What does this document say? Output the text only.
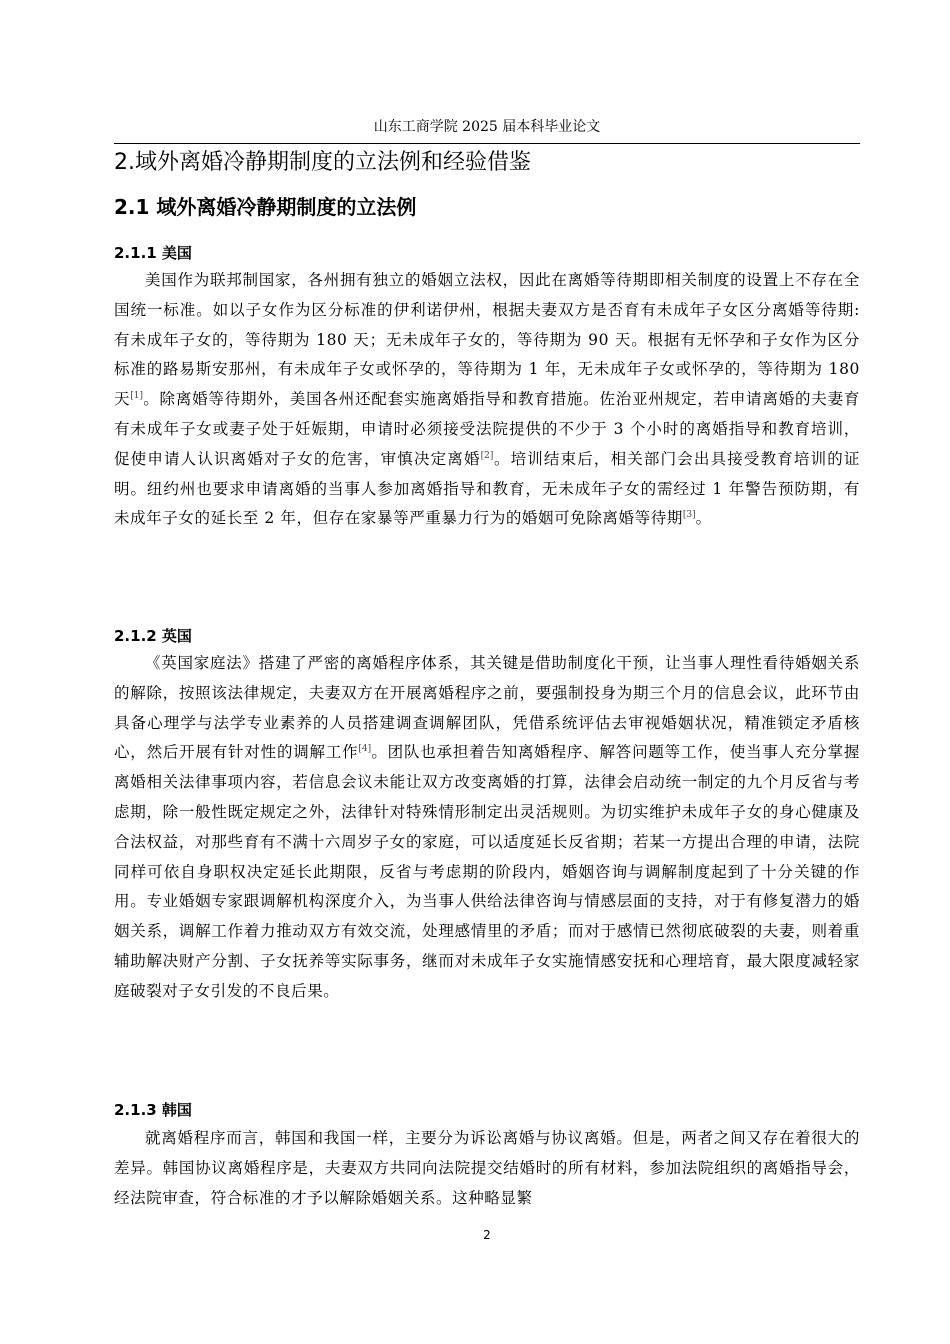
山东工商学院 2025 届本科毕业论文
2.域外离婚冷静期制度的立法例和经验借鉴
2.1 域外离婚冷静期制度的立法例
2.1.1 美国

美国作为联邦制国家，各州拥有独立的婚姻立法权，因此在离婚等待期即相关制度的设置上不存在全国统一标准。如以子女作为区分标准的伊利诺伊州，根据夫妻双方是否育有未成年子女区分离婚等待期:有未成年子女的，等待期为 180 天；无未成年子女的，等待期为 90 天。根据有无怀孕和子女作为区分标准的路易斯安那州，有未成年子女或怀孕的，等待期为 1 年，无未成年子女或怀孕的，等待期为 180 天[1]。除离婚等待期外，美国各州还配套实施离婚指导和教育措施。佐治亚州规定，若申请离婚的夫妻育有未成年子女或妻子处于妊娠期，申请时必须接受法院提供的不少于 3 个小时的离婚指导和教育培训，促使申请人认识离婚对子女的危害，审慎决定离婚[2]。培训结束后，相关部门会出具接受教育培训的证明。纽约州也要求申请离婚的当事人参加离婚指导和教育，无未成年子女的需经过 1 年警告预防期，有未成年子女的延长至 2 年，但存在家暴等严重暴力行为的婚姻可免除离婚等待期[3]。

2.1.2 英国

《英国家庭法》搭建了严密的离婚程序体系，其关键是借助制度化干预，让当事人理性看待婚姻关系的解除，按照该法律规定，夫妻双方在开展离婚程序之前，要强制投身为期三个月的信息会议，此环节由具备心理学与法学专业素养的人员搭建调查调解团队，凭借系统评估去审视婚姻状况，精准锁定矛盾核心，然后开展有针对性的调解工作[4]。团队也承担着告知离婚程序、解答问题等工作，使当事人充分掌握离婚相关法律事项内容，若信息会议未能让双方改变离婚的打算，法律会启动统一制定的九个月反省与考虑期，除一般性既定规定之外，法律针对特殊情形制定出灵活规则。为切实维护未成年子女的身心健康及合法权益，对那些育有不满十六周岁子女的家庭，可以适度延长反省期；若某一方提出合理的申请，法院同样可依自身职权决定延长此期限，反省与考虑期的阶段内，婚姻咨询与调解制度起到了十分关键的作用。专业婚姻专家跟调解机构深度介入，为当事人供给法律咨询与情感层面的支持，对于有修复潜力的婚姻关系，调解工作着力推动双方有效交流，处理感情里的矛盾；而对于感情已然彻底破裂的夫妻，则着重辅助解决财产分割、子女抚养等实际事务，继而对未成年子女实施情感安抚和心理培育，最大限度减轻家庭破裂对子女引发的不良后果。

2.1.3 韩国

就离婚程序而言，韩国和我国一样，主要分为诉讼离婚与协议离婚。但是，两者之间又存在着很大的差异。韩国协议离婚程序是，夫妻双方共同向法院提交结婚时的所有材料，参加法院组织的离婚指导会，经法院审查，符合标准的才予以解除婚姻关系。这种略显繁

2
